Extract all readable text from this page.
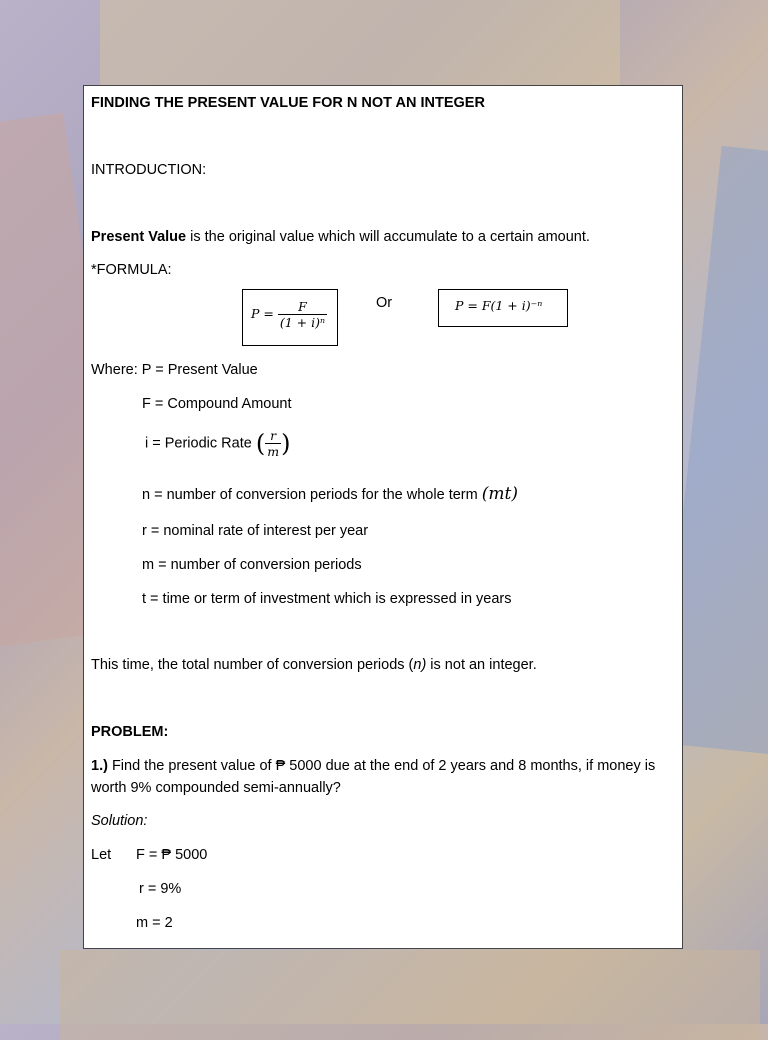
FINDING THE PRESENT VALUE FOR N NOT AN INTEGER
INTRODUCTION:
Present Value is the original value which will accumulate to a certain amount.
*FORMULA:
$P = \frac{F}{\text{(1 + i)ⁿ}}$	Or	P = F(1 + i)⁻ⁿ
Where: P = Present Value
F = Compound Amount
i = Periodic Rate ( $\frac{r}{m}$ )
n = number of conversion periods for the whole term (mt)
r = nominal rate of interest per year
m = number of conversion periods
t = time or term of investment which is expressed in years
This time, the total number of conversion periods (n) is not an integer.
PROBLEM:
1.) Find the present value of ₱ 5000 due at the end of 2 years and 8 months, if money is
worth 9% compounded semi-annually?
Solution:
Let F = ₱ 5000
r = 9%
m = 2
